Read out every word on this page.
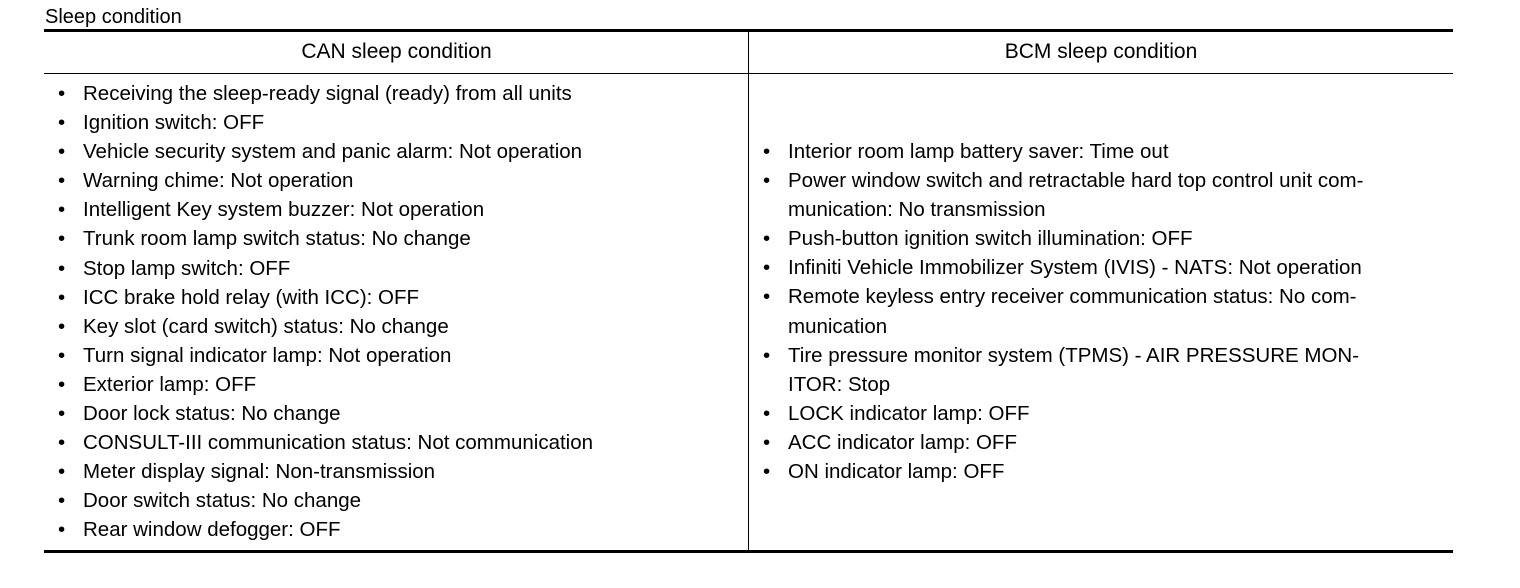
Sleep condition
CAN sleep condition	BCM sleep condition
• Receiving the sleep-ready signal (ready) from all units
• Ignition switch: OFF
• Vehicle security system and panic alarm: Not operation
• Warning chime: Not operation
• Intelligent Key system buzzer: Not operation
• Trunk room lamp switch status: No change
• Stop lamp switch: OFF
• ICC brake hold relay (with ICC): OFF
• Key slot (card switch) status: No change
• Turn signal indicator lamp: Not operation
• Exterior lamp: OFF
• Door lock status: No change
• CONSULT-III communication status: Not communication
• Meter display signal: Non-transmission
• Door switch status: No change
• Rear window defogger: OFF
• Interior room lamp battery saver: Time out
• Power window switch and retractable hard top control unit com-
munication: No transmission
• Push-button ignition switch illumination: OFF
• Infiniti Vehicle Immobilizer System (IVIS) - NATS: Not operation
• Remote keyless entry receiver communication status: No com-
munication
• Tire pressure monitor system (TPMS) - AIR PRESSURE MON-
ITOR: Stop
• LOCK indicator lamp: OFF
• ACC indicator lamp: OFF
• ON indicator lamp: OFF
